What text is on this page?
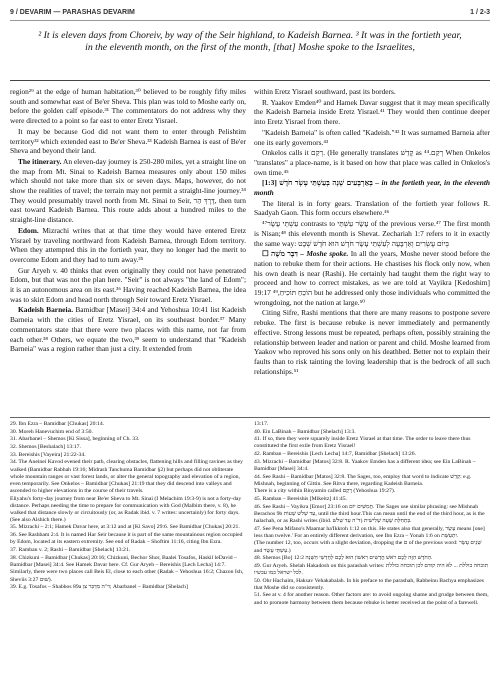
9 / DEVARIM — PARASHAS DEVARIM	1 / 2-3
² It is eleven days from Choreiv, by way of the Seir highland, to Kadeish Barnea. ³ It was in the fortieth year, in the eleventh month, on the first of the month, [that] Moshe spoke to the Israelites,

region²⁹ at the edge of human habitation,³⁰ believed to be roughly fifty miles south and somewhat east of Be'er Sheva. This plan was told to Moshe early on, before the golden calf episode.³¹ The commentators do not address why they were directed to a point so far east to enter Eretz Yisrael.

It may be because God did not want them to enter through Pelishtim territory³² which extended east to Be'er Sheva.³³ Kadeish Barnea is east of Be'er Sheva and beyond their land.

The itinerary. An eleven-day journey is 250-280 miles, yet a straight line on the map from Mt. Sinai to Kadeish Barnea measures only about 150 miles which should not take more than six or seven days. Maps, however, do not show the realities of travel; the terrain may not permit a straight-line journey.³⁴ They would presumably travel north from Mt. Sinai to Seir, דֶּרֶךְ הַר, then turn east toward Kadeish Barnea. This route adds about a hundred miles to the straight-line distance.

Edom. Mizrachi writes that at that time they would have entered Eretz Yisrael by traveling northward from Kadeish Barnea, through Edom territory. When they attempted this in the fortieth year, they no longer had the merit to overcome Edom and they had to turn away.³⁵

Gur Aryeh v. 40 thinks that even originally they could not have penetrated Edom, but that was not the plan here. "Seir" is not always "the land of Edom"; it is an autonomous area on its east.³⁶ Having reached Kadeish Barnea, the idea was to skirt Edom and head north through Seir toward Eretz Yisrael.

Kadeish Barneia. Bamidbar [Masei] 34:4 and Yehoshua 10:41 list Kadeish Barneia with the cities of Eretz Yisrael, on its southeast border.³⁷ Many commentators state that there were two places with this name, not far from each other.³⁸ Others, we equate the two,³⁹ seem to understand that "Kadeish Barneia" was a region rather than just a city. It extended from

within Eretz Yisrael southward, past its borders.

R. Yaakov Emden⁴⁰ and Hamek Davar suggest that it may mean specifically the Kadeish Barneia inside Eretz Yisrael.⁴¹ They would then continue deeper into Eretz Yisrael from there.

"Kadeish Barneia" is often called "Kadeish."⁴² It was surnamed Barneia after one its early governors.⁴³

Onkelos calls it רְקַם. (He generally translates קָדֵשׁ as רְקַם.⁴⁴ When Onkelos "translates" a place-name, is it based on how that place was called in Onkelos's own time.⁴⁵

[1:3] בְּאַרְבָּעִים שָׁנָה בְּעַשְׁתֵּי עָשָׂר חֹדֶשׁ – in the fortieth year, in the eleventh month

The literal is in forty gears. Translation of the fortieth year follows R. Saadyah Gaon. This form occurs elsewhere.⁴⁶

עַשְׁתֵּי עָשָׂר⁴⁷ contrasts to עָשָׂר עַשְׁתֵּי of the previous verse.⁴⁷ The first month is Nisan;⁴⁸ this eleventh month is Shevat. Zechariah 1:7 refers to it in exactly the same way: בְּיוֹם עֶשְׂרִים וְאַרְבָּעָה לְעַשְׁתֵּי עָשָׂר חֹדֶשׁ הוּא חֹדֶשׁ שְׁבָט

☐ דִּבֶּר מֹשֶׁה – Moshe spoke. In all the years, Moshe never stood before the nation to rebuke them for their actions. He chastises his flock only now, when his own death is near (Rashi). He certainly had taught them the right way to proceed and how to correct mistakes, as we are told at Vayikra [Kedoshim] 19:17 הוֹכֵחַ תּוֹכִיחַ,⁴⁹ but he addressed only those individuals who committed the wrongdoing, not the nation at large.⁵⁰

Citing Sifre, Rashi mentions that there are many reasons to postpone severe rebuke. The first is because rebuke is never immediately and permanently effective. Strong lessons must be repeated, perhaps often, possibly straining the relationship between leader and nation or parent and child. Moshe learned from Yaakov who reproved his sons only on his deathbed. Better not to explain their faults than to risk tainting the loving leadership that is the bedrock of all such relationships.⁵¹

29. Ibn Ezra – Bamidbar [Chukas] 20:14.
30. Moreh Hanevuchim end of 3:50.
31. Abarbanel – Shemos [Ki Sissa], beginning of Ch. 33.
32. Shemos [Beshalach] 13:17.
33. Bereishis [Vayeira] 21:22-34.
34. The Aneinei Kavod evened their path, clearing obstacles, flattening hills and filling ravines as they walked (Bamidbar Rabbah 19:16; Midrash Tanchuma Bamidbar §2) but perhaps did not obliterate whole mountain ranges or vast forest lands, or alter the general topography and elevation of a region, even temporarily. See Onkelos – Bamidbar [Chukas] 21:19 that they did descend into valleys and ascended to higher elevations in the course of their travels.
Eliyahu's forty-day journey from near Be'er Sheva to Mt. Sinai (I Melachim 19:3-9) is not a forty-day distance. Perhaps needing the time to prepare for communication with God (Malbim there, v. 8), he walked that distance slowly or circuitously (or, as Radak ibid. v. 7 writes: uncertainly) for forty days. (See also Alshich there.)
35. Mizrachi – 2:1; Hamek Davar here, at 3:12 and at [Ki Savo] 29:6. See Bamidbar [Chukas] 20:21.
36. See Rashbam 2:4. It is named Har Seir because it is part of the same mountainous region occupied by Edom, located at its eastern extremity. See end of Radak – Shoftim 11:16, citing Ibn Ezra.
37. Ramban v. 2; Rashi – Bamidbar [Shelach] 13:21.
38. Chizkuni – Bamidbar [Chukas] 20:16; Chizkuni, Bechor Shor, Baalei Tosafos, Haskil leDavid – Bamidbar [Masei] 34:4. See Hamek Davar here. Cf. Gur Aryeh – Bereishis [Lech Lecha] 14:7.
Similarly, there were two places call Beis El, close to each other (Radak – Yehoshua 16:2; Chazon Ish, Sheviis 3:27 שׁוּם).
39. E.g. Tosafos – Shabbos 89a ד"ה מִדְבַּר צִן; Abarbanel – Bamidbar [Shelach]
13:17.
40. Ein LaBinah – Bamidbar [Shelach] 13:3.
41. If so, then they were squarely inside Eretz Yisrael at that time. The order to leave there thus constituted the first exile from Eretz Yisrael!
42. Ramban – Bereishis [Lech Lecha] 14:7, Bamidbar [Shelach] 13:26.
43. Mizrachi – Bamidbar [Matos] 32:8. R. Yaakov Emden has a different idea; see Ein LaBinah – Bamidbar [Masei] 34:4.
44. See Rashi – Bamidbar [Matos] 32:8. The Sages, too, employ that word to indicate קָדֵשׁ: e.g. Mishnah, beginning of Gittin. See Ritva there, regarding Kadeish Barneia.
There is a city within Binyamin called רֶקֶם (Yehoshua 19:27).
45. Ramban – Bereishis [Mikeitz] 41:45.
46. See Rashi – Vayikra [Emor] 23:16 on חֲמִשִּׁים יוֹם. The Sages use similar phrasing: see Mishnah Berachos 9b עַד שְׁלֹשׁ שָׁעוֹת, until the third hour.This can mean until the end of the third hour, as is the halachah, or as Rashi writes (ibid. ד"ה עַד שְׁלֹשׁ) בְּתְחִלַּת שָׁעָה שְׁלִישִׁית.
47. See Pena Mifano's Maamar ha'Ikkroh 1:12 on this. He states also that generally, עֶשֶׂר means [one] less than twelve.' For an entirely different derivation, see Ibn Ezra – Yonah 1:6 on יִתְעַשֵּׁת.
(The number 12, too, occurs with a slight deviation, dropping the ם of the previous word: שְׁנֵים עָשָׂר and עַשְׁתֵּי עָשָׂר.)
48. Shemos [Bo] 12:2 הַחֹדֶשׁ הַזֶּה לָכֶם רֹאשׁ חֳדָשִׁים רִאשׁוֹן הוּא לָכֶם לְחָדְשֵׁי הַשָּׁנָה.
49. Gur Aryeh. Shelah Hakadosh on this parashah writes: תוכחה כוללת ... לא היה קודם לכן תוכחה כוללת לכל ישראל כמו עכשיו.
50. Ohr Hachaim, Haksav Vehakabalah. In his preface to the parashah, Rabbeinu Bachya emphasizes that Moshe did so consistently.
51. See at v. 4 for another reason. Other factors are: to avoid ongoing shame and grudge between them, and to promote harmony between them because rebuke is better received at the point of a farewell.
